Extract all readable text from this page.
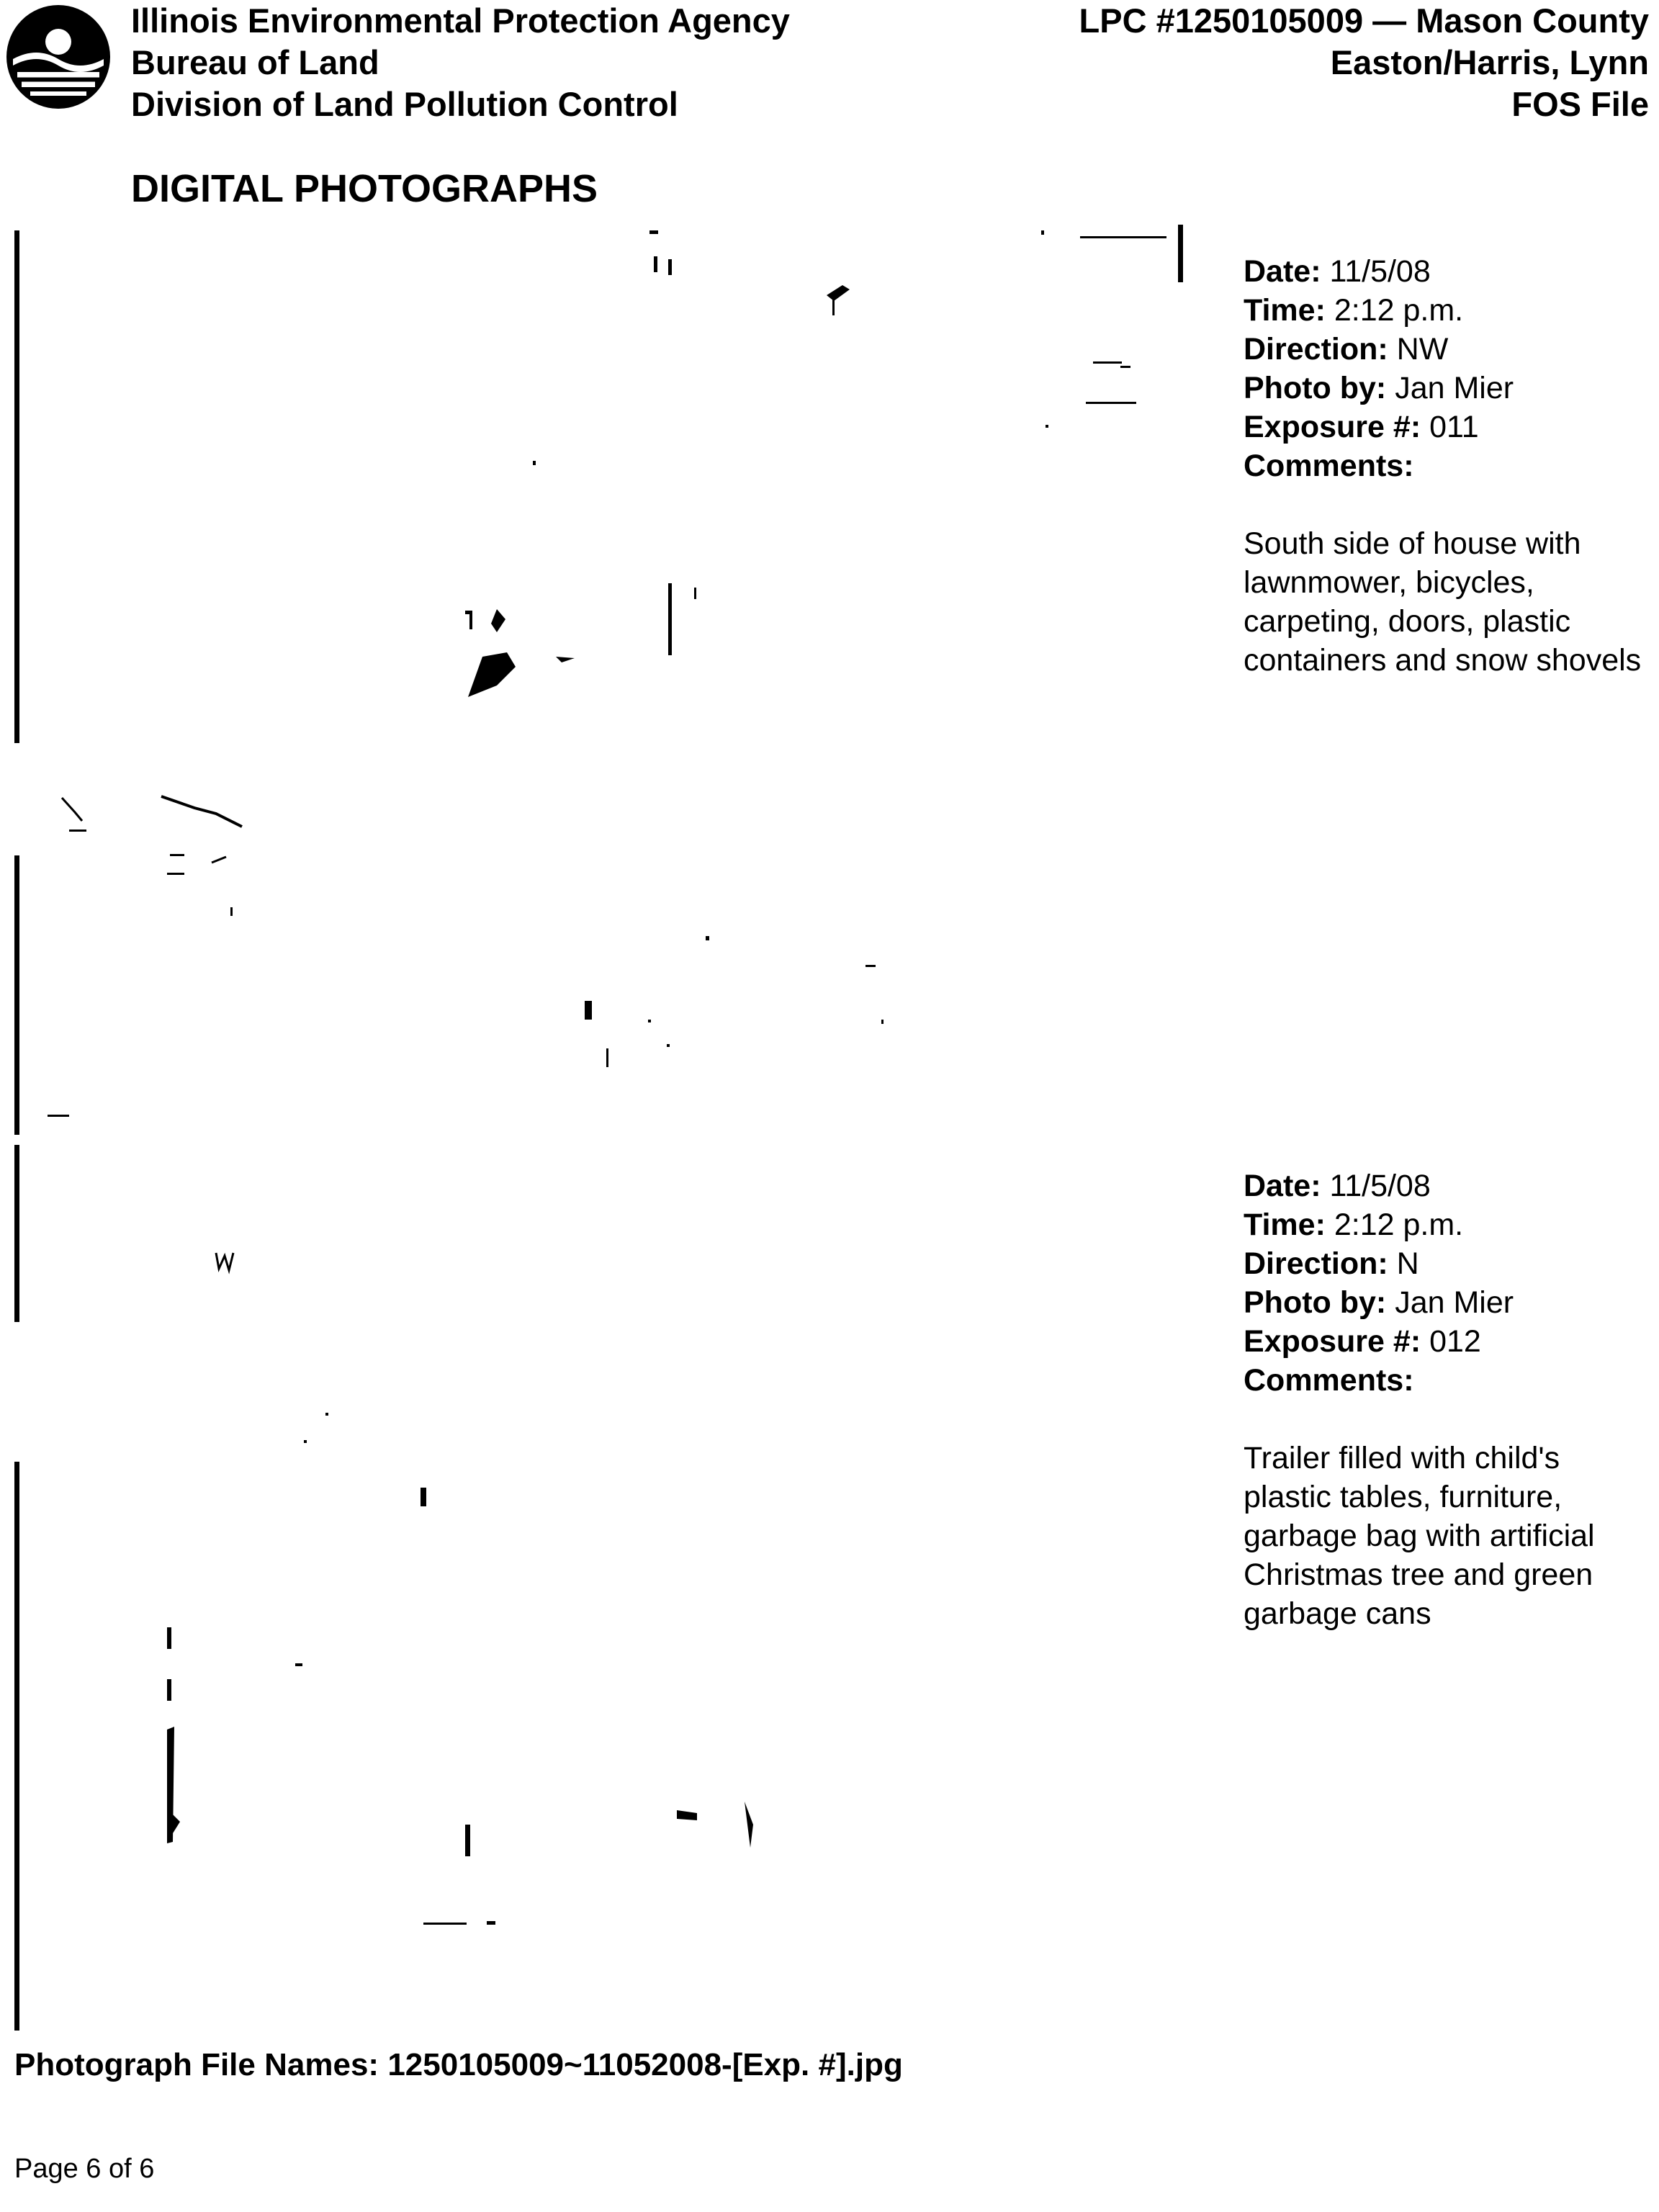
Illinois Environmental Protection Agency
Bureau of Land
Division of Land Pollution Control
LPC #1250105009 — Mason County
Easton/Harris, Lynn
FOS File
DIGITAL PHOTOGRAPHS
Date: 11/5/08
Time: 2:12 p.m.
Direction: NW
Photo by: Jan Mier
Exposure #: 011
Comments:
South side of house with lawnmower, bicycles, carpeting, doors, plastic containers and snow shovels
Date: 11/5/08
Time: 2:12 p.m.
Direction: N
Photo by: Jan Mier
Exposure #: 012
Comments:
Trailer filled with child's plastic tables, furniture, garbage bag with artificial Christmas tree and green garbage cans
Photograph File Names: 1250105009~11052008-[Exp. #].jpg
Page 6 of 6
